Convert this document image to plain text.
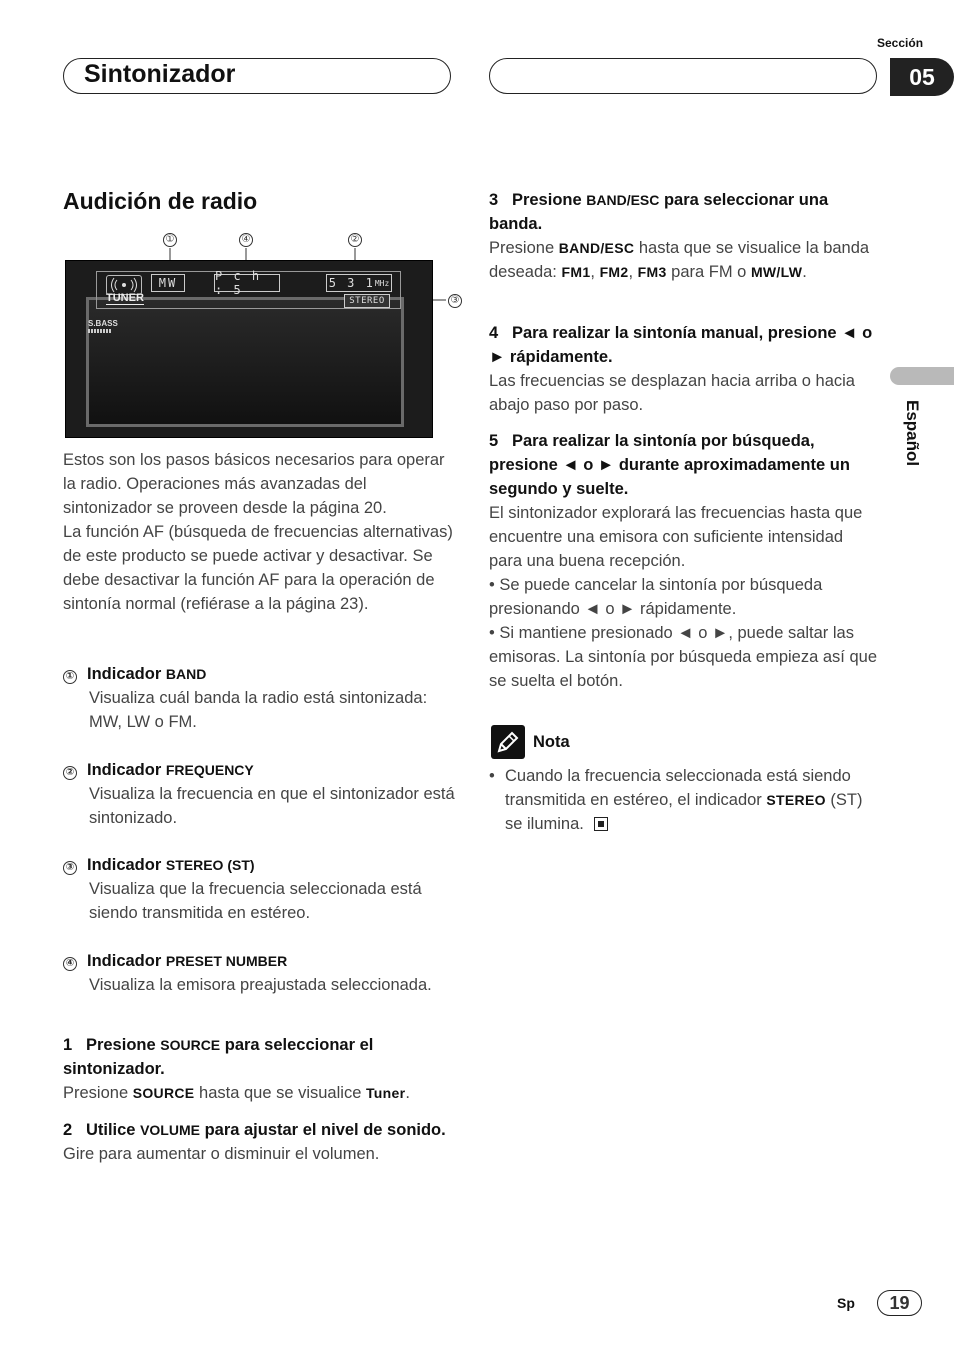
Sintonizador
Sección
05
Español
Audición de radio
①	④	②
③
TUNER
MW	P c h : 5	5 3 1 MHz
STEREO
S.BASS
Estos son los pasos básicos necesarios para operar la radio. Operaciones más avanzadas del sintonizador se proveen desde la página 20.
La función AF (búsqueda de frecuencias alternativas) de este producto se puede activar y desactivar. Se debe desactivar la función AF para la operación de sintonía normal (refiérase a la página 23).
① Indicador BAND
Visualiza cuál banda la radio está sintonizada: MW, LW o FM.
② Indicador FREQUENCY
Visualiza la frecuencia en que el sintonizador está sintonizado.
③ Indicador STEREO (ST)
Visualiza que la frecuencia seleccionada está siendo transmitida en estéreo.
④ Indicador PRESET NUMBER
Visualiza la emisora preajustada seleccionada.
1 Presione SOURCE para seleccionar el sintonizador.
Presione SOURCE hasta que se visualice Tuner.
2 Utilice VOLUME para ajustar el nivel de sonido.
Gire para aumentar o disminuir el volumen.
3 Presione BAND/ESC para seleccionar una banda.
Presione BAND/ESC hasta que se visualice la banda deseada: FM1, FM2, FM3 para FM o MW/LW.
4 Para realizar la sintonía manual, presione ◄ o ► rápidamente.
Las frecuencias se desplazan hacia arriba o hacia abajo paso por paso.
5 Para realizar la sintonía por búsqueda, presione ◄ o ► durante aproximadamente un segundo y suelte.
El sintonizador explorará las frecuencias hasta que encuentre una emisora con suficiente intensidad para una buena recepción.
• Se puede cancelar la sintonía por búsqueda presionando ◄ o ► rápidamente.
• Si mantiene presionado ◄ o ►, puede saltar las emisoras. La sintonía por búsqueda empieza así que se suelta el botón.
Nota
• Cuando la frecuencia seleccionada está siendo transmitida en estéreo, el indicador STEREO (ST) se ilumina.
Sp	19
